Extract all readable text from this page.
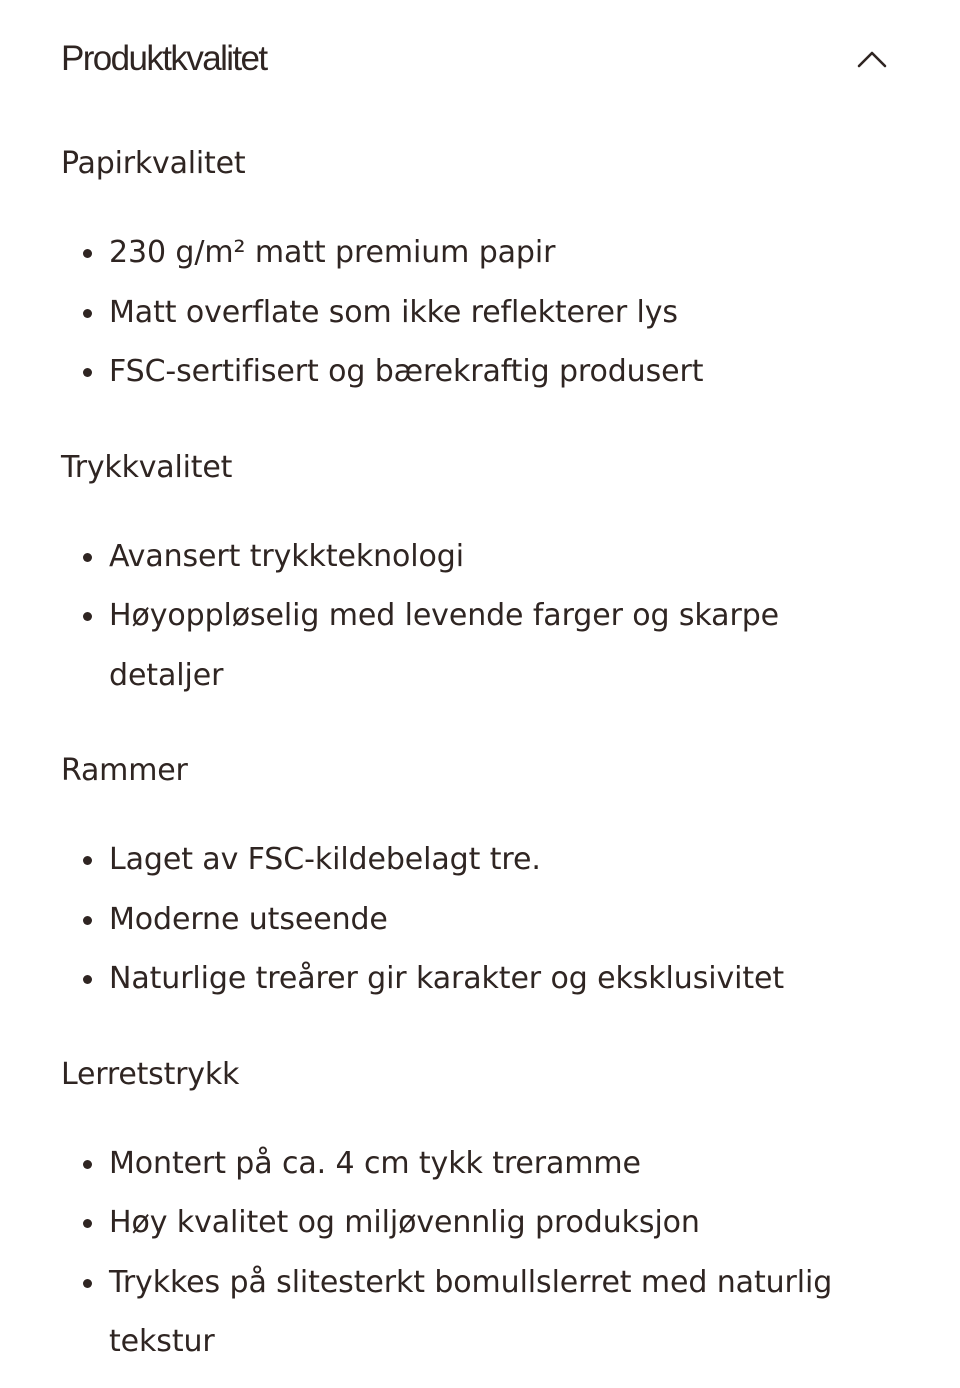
Produktkvalitet
Papirkvalitet
230 g/m² matt premium papir
Matt overflate som ikke reflekterer lys
FSC-sertifisert og bærekraftig produsert
Trykkvalitet
Avansert trykkteknologi
Høyoppløselig med levende farger og skarpe detaljer
Rammer
Laget av FSC-kildebelagt tre.
Moderne utseende
Naturlige treårer gir karakter og eksklusivitet
Lerretstrykk
Montert på ca. 4 cm tykk treramme
Høy kvalitet og miljøvennlig produksjon
Trykkes på slitesterkt bomullslerret med naturlig tekstur
